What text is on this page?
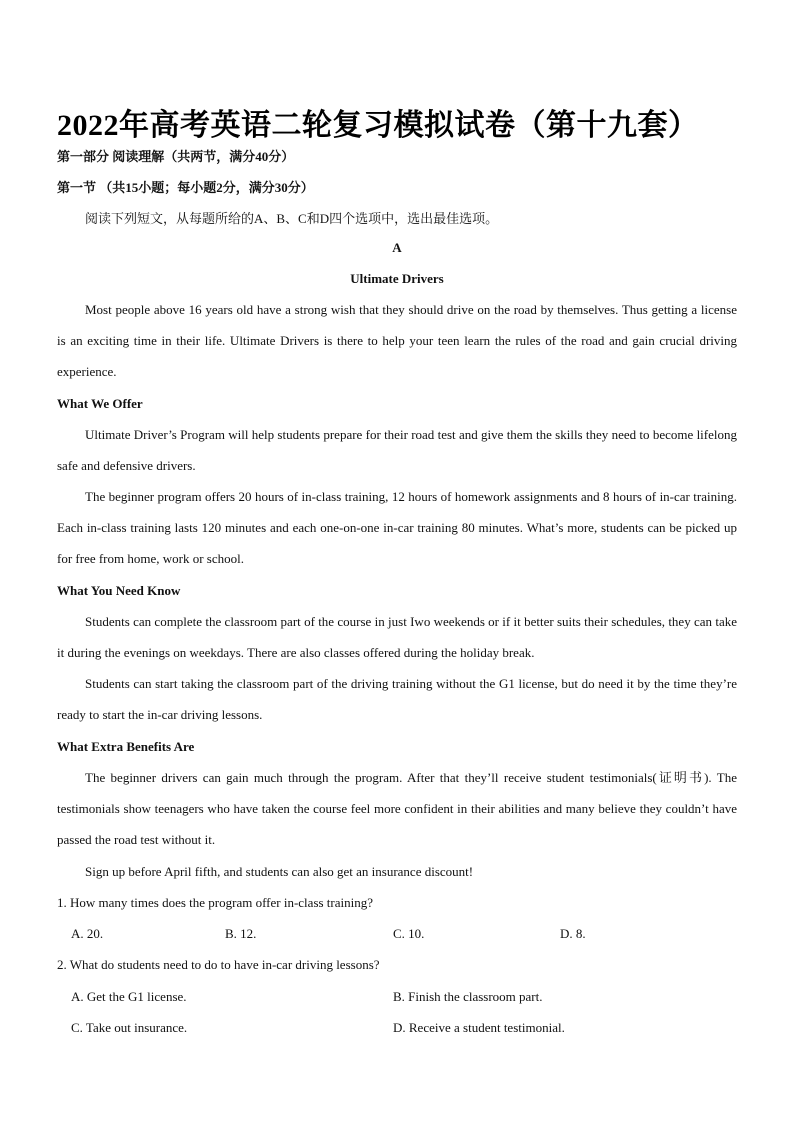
2022年高考英语二轮复习模拟试卷（第十九套）
第一部分 阅读理解（共两节，满分40分）
第一节 （共15小题；每小题2分，满分30分）
阅读下列短文，从每题所给的A、B、C和D四个选项中，选出最佳选项。
A
Ultimate Drivers
Most people above 16 years old have a strong wish that they should drive on the road by themselves. Thus getting a license is an exciting time in their life. Ultimate Drivers is there to help your teen learn the rules of the road and gain crucial driving experience.
What We Offer
Ultimate Driver’s Program will help students prepare for their road test and give them the skills they need to become lifelong safe and defensive drivers.
The beginner program offers 20 hours of in-class training, 12 hours of homework assignments and 8 hours of in-car training. Each in-class training lasts 120 minutes and each one-on-one in-car training 80 minutes. What’s more, students can be picked up for free from home, work or school.
What You Need Know
Students can complete the classroom part of the course in just Iwo weekends or if it better suits their schedules, they can take it during the evenings on weekdays. There are also classes offered during the holiday break.
Students can start taking the classroom part of the driving training without the G1 license, but do need it by the time they’re ready to start the in-car driving lessons.
What Extra Benefits Are
The beginner drivers can gain much through the program. After that they’ll receive student testimonials(证明书). The testimonials show teenagers who have taken the course feel more confident in their abilities and many believe they couldn’t have passed the road test without it.
Sign up before April fifth, and students can also get an insurance discount!
1. How many times does the program offer in-class training?
A. 20.	B. 12.	C. 10.	D. 8.
2. What do students need to do to have in-car driving lessons?
A. Get the G1 license.	B. Finish the classroom part.
C. Take out insurance.	D. Receive a student testimonial.
